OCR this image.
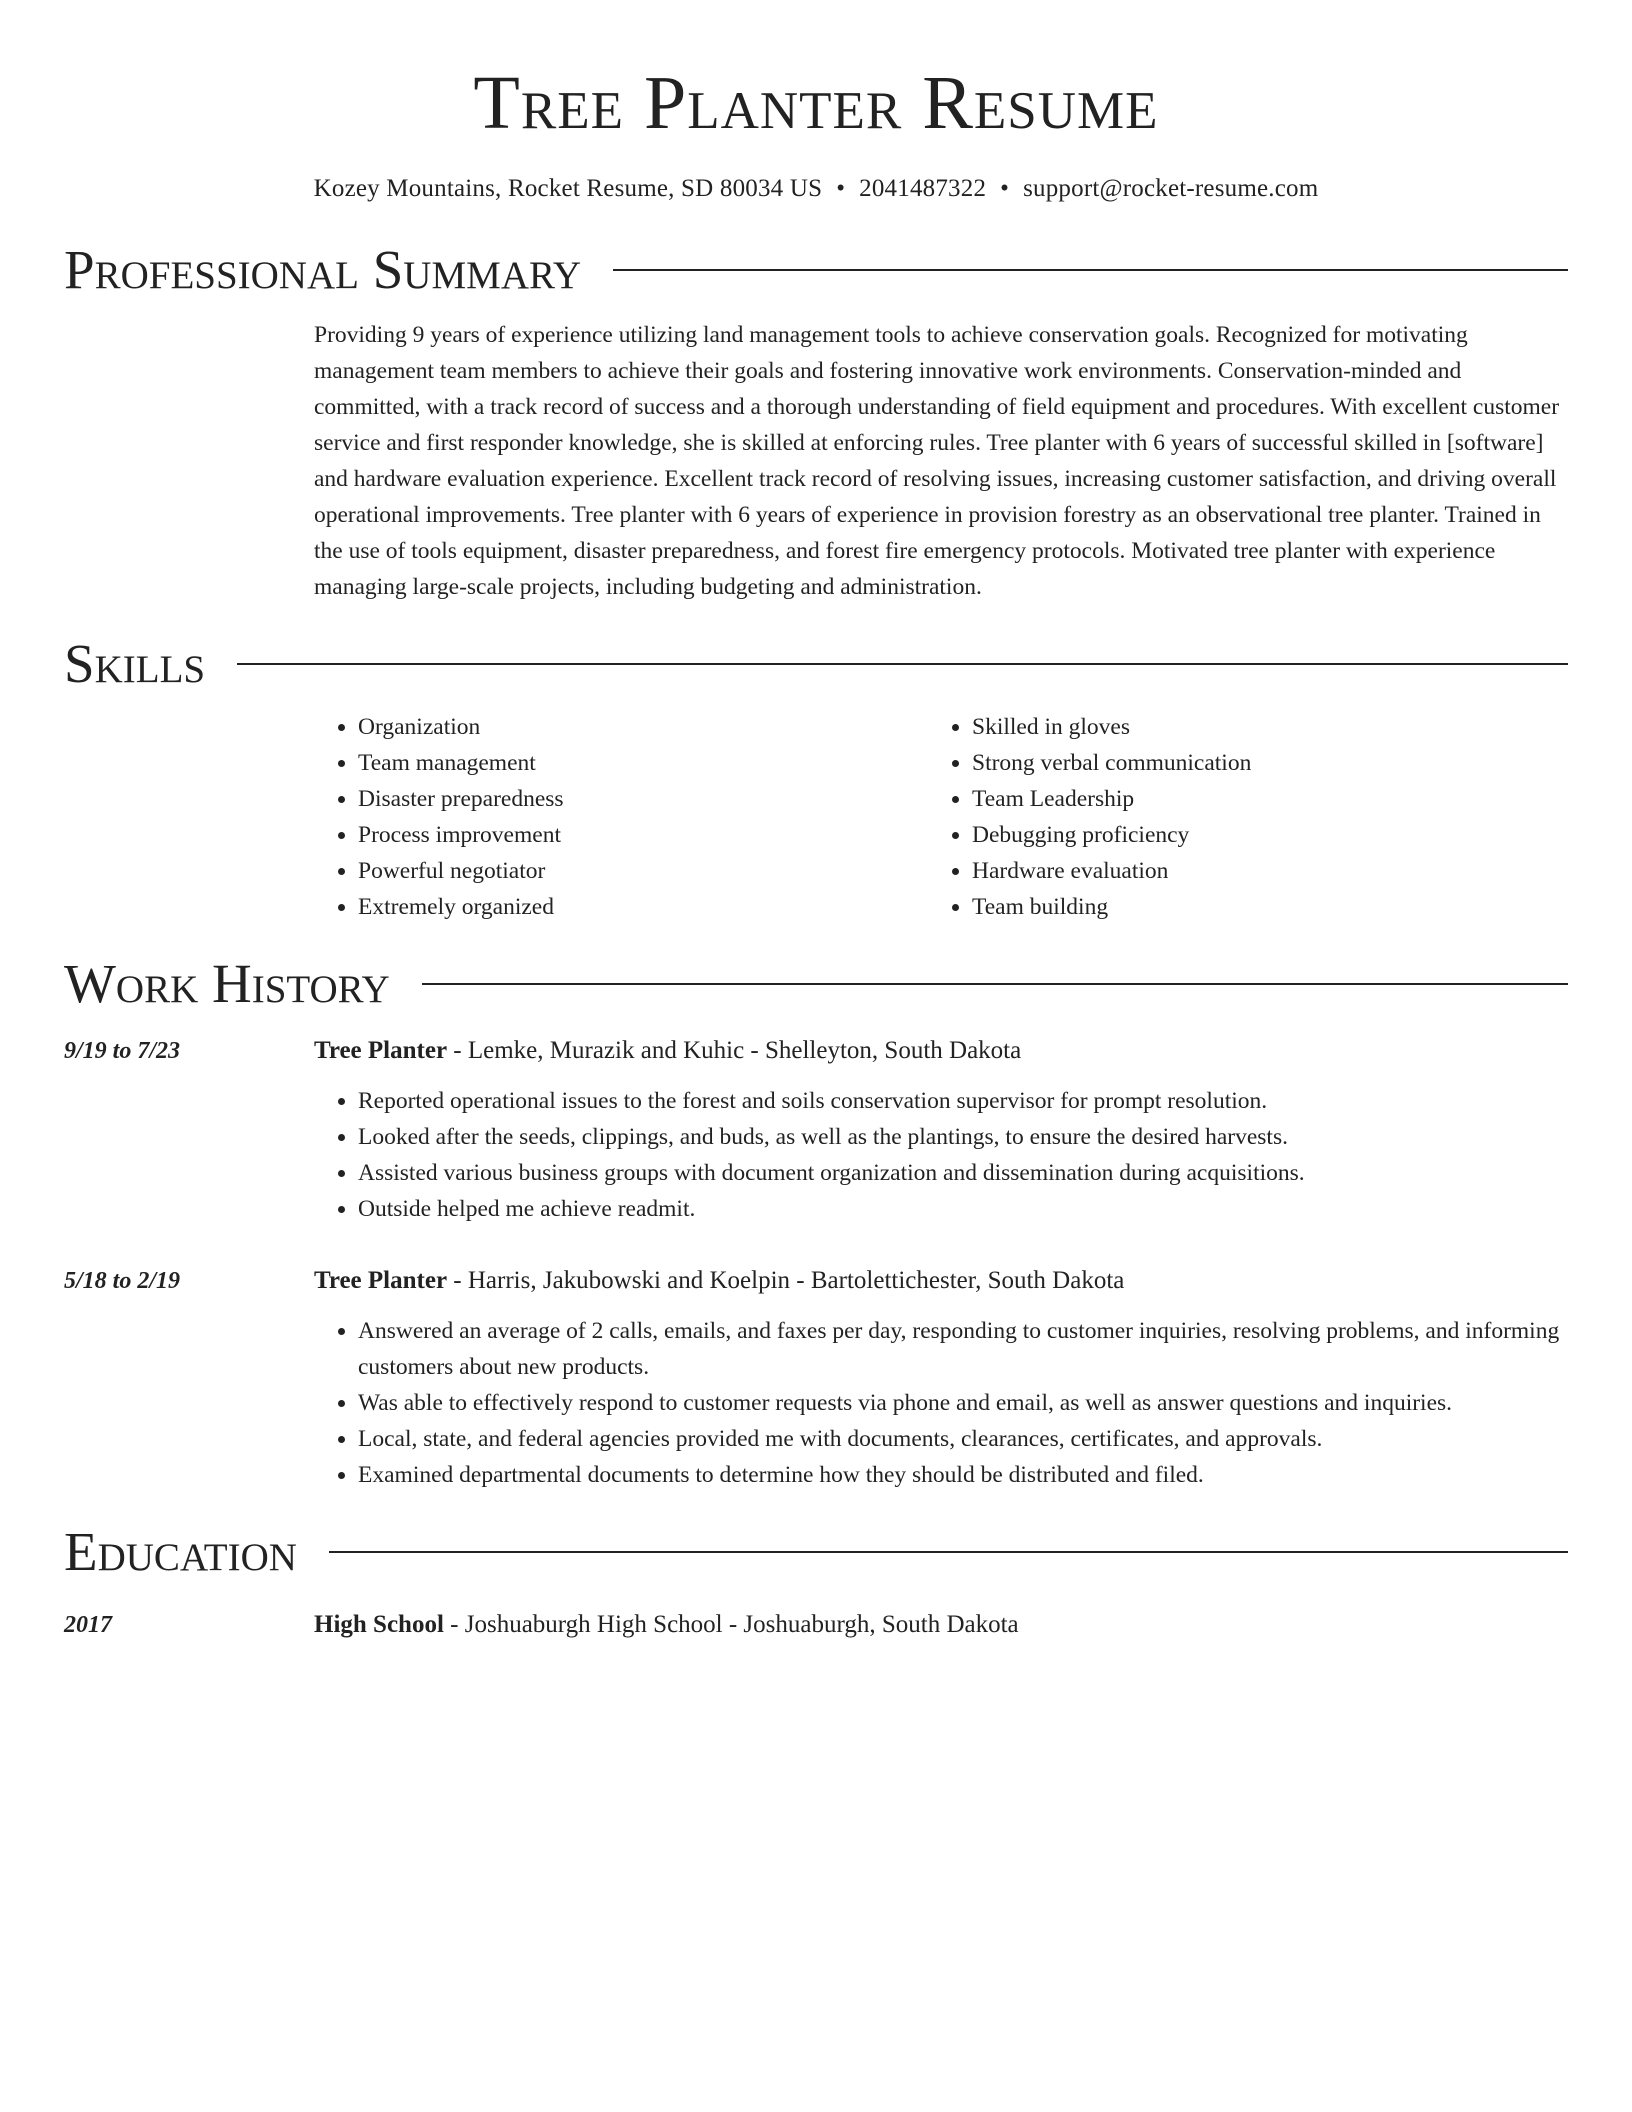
Tree Planter Resume
Kozey Mountains, Rocket Resume, SD 80034 US • 2041487322 • support@rocket-resume.com
Professional Summary

Providing 9 years of experience utilizing land management tools to achieve conservation goals. Recognized for motivating management team members to achieve their goals and fostering innovative work environments. Conservation-minded and committed, with a track record of success and a thorough understanding of field equipment and procedures. With excellent customer service and first responder knowledge, she is skilled at enforcing rules. Tree planter with 6 years of successful skilled in [software] and hardware evaluation experience. Excellent track record of resolving issues, increasing customer satisfaction, and driving overall operational improvements. Tree planter with 6 years of experience in provision forestry as an observational tree planter. Trained in the use of tools equipment, disaster preparedness, and forest fire emergency protocols. Motivated tree planter with experience managing large-scale projects, including budgeting and administration.

Skills
• Organization
• Team management
• Disaster preparedness
• Process improvement
• Powerful negotiator
• Extremely organized
• Skilled in gloves
• Strong verbal communication
• Team Leadership
• Debugging proficiency
• Hardware evaluation
• Team building
Work History
9/19 to 7/23	Tree Planter - Lemke, Murazik and Kuhic - Shelleyton, South Dakota
• Reported operational issues to the forest and soils conservation supervisor for prompt resolution.
• Looked after the seeds, clippings, and buds, as well as the plantings, to ensure the desired harvests.
• Assisted various business groups with document organization and dissemination during acquisitions.
• Outside helped me achieve readmit.
5/18 to 2/19	Tree Planter - Harris, Jakubowski and Koelpin - Bartolettichester, South Dakota
• Answered an average of 2 calls, emails, and faxes per day, responding to customer inquiries, resolving problems, and informing customers about new products.
• Was able to effectively respond to customer requests via phone and email, as well as answer questions and inquiries.
• Local, state, and federal agencies provided me with documents, clearances, certificates, and approvals.
• Examined departmental documents to determine how they should be distributed and filed.
Education
2017	High School - Joshuaburgh High School - Joshuaburgh, South Dakota
